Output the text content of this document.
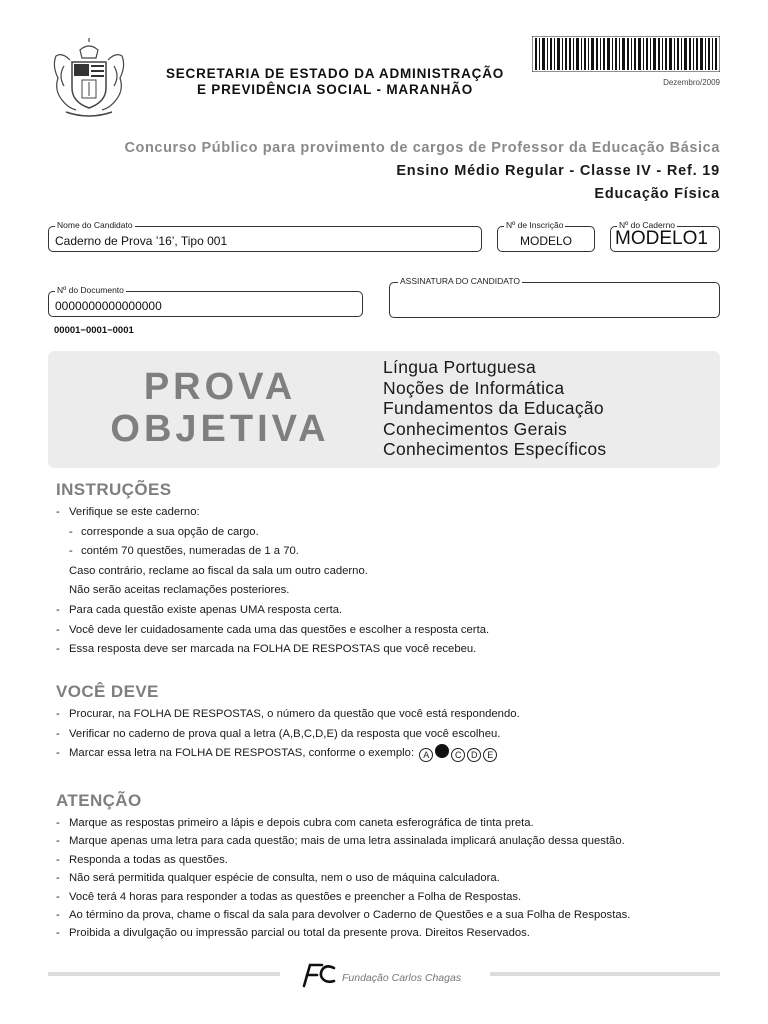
SECRETARIA DE ESTADO DA ADMINISTRAÇÃO
E PREVIDÊNCIA SOCIAL - MARANHÃO	Dezembro/2009
Concurso Público para provimento de cargos de Professor da Educação Básica
Ensino Médio Regular - Classe IV - Ref. 19
Educação Física
Nome do Candidato
Caderno de Prova ’16’, Tipo 001
Nº de Inscrição
MODELO
Nº do Caderno
MODELO1
Nº do Documento
0000000000000000
ASSINATURA DO CANDIDATO
00001−0001−0001
PROVA
OBJETIVA
Língua Portuguesa
Noções de Informática
Fundamentos da Educação
Conhecimentos Gerais
Conhecimentos Específicos
INSTRUÇÕES
- Verifique se este caderno:
- corresponde a sua opção de cargo.
- contém 70 questões, numeradas de 1 a 70.
Caso contrário, reclame ao fiscal da sala um outro caderno.
Não serão aceitas reclamações posteriores.
- Para cada questão existe apenas UMA resposta certa.
- Você deve ler cuidadosamente cada uma das questões e escolher a resposta certa.
- Essa resposta deve ser marcada na FOLHA DE RESPOSTAS que você recebeu.
VOCÊ DEVE
- Procurar, na FOLHA DE RESPOSTAS, o número da questão que você está respondendo.
- Verificar no caderno de prova qual a letra (A,B,C,D,E) da resposta que você escolheu.
- Marcar essa letra na FOLHA DE RESPOSTAS, conforme o exemplo: A	C D E
ATENÇÃO
- Marque as respostas primeiro a lápis e depois cubra com caneta esferográfica de tinta preta.
- Marque apenas uma letra para cada questão; mais de uma letra assinalada implicará anulação dessa questão.
- Responda a todas as questões.
- Não será permitida qualquer espécie de consulta, nem o uso de máquina calculadora.
- Você terá 4 horas para responder a todas as questões e preencher a Folha de Respostas.
- Ao término da prova, chame o fiscal da sala para devolver o Caderno de Questões e a sua Folha de Respostas.
- Proibida a divulgação ou impressão parcial ou total da presente prova. Direitos Reservados.
Fundação Carlos Chagas
